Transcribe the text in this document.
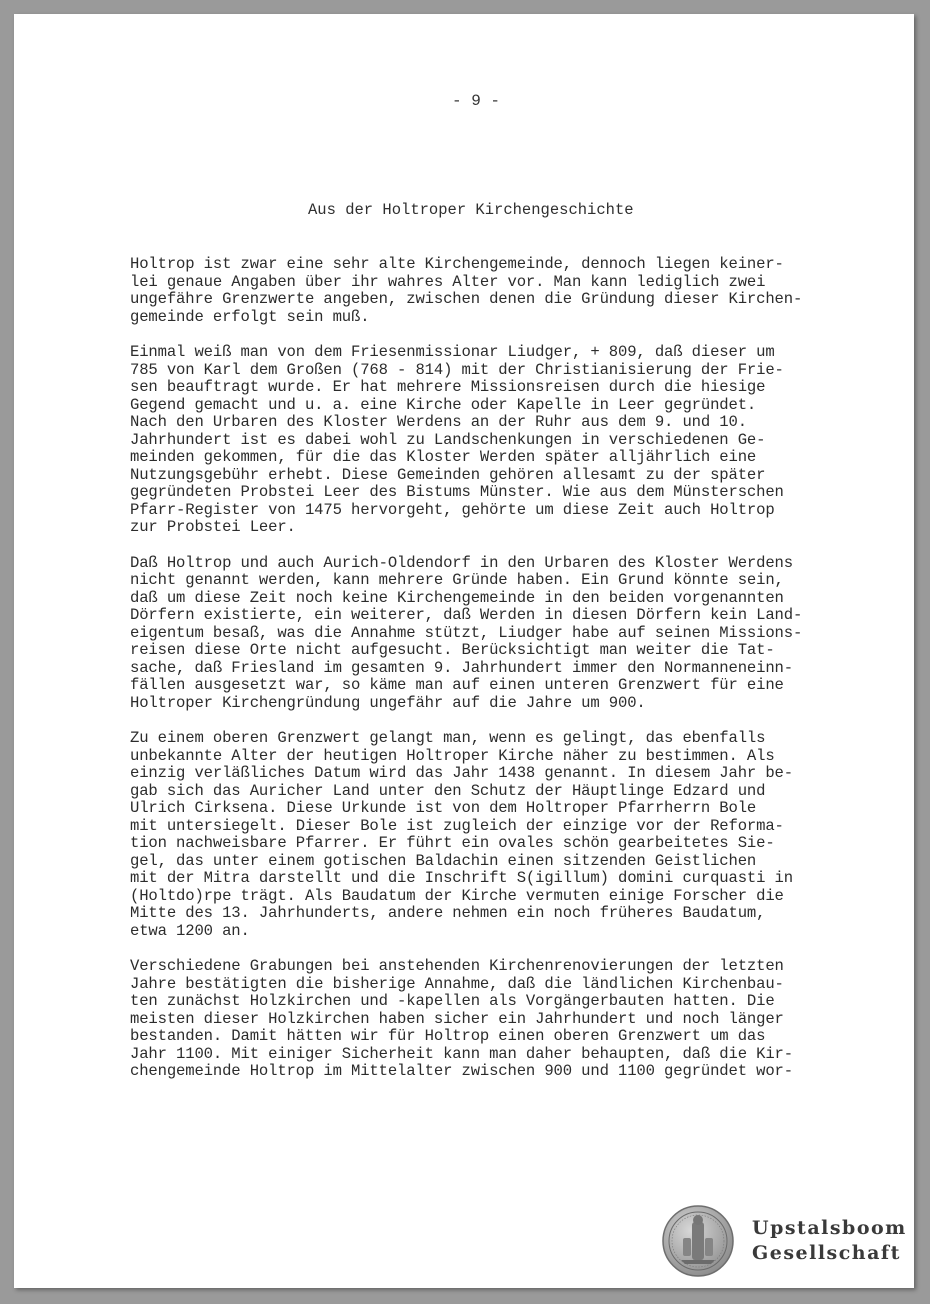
- 9 -
Aus der Holtroper Kirchengeschichte

Holtrop ist zwar eine sehr alte Kirchengemeinde, dennoch liegen keiner-
lei genaue Angaben über ihr wahres Alter vor. Man kann lediglich zwei
ungefähre Grenzwerte angeben, zwischen denen die Gründung dieser Kirchen-
gemeinde erfolgt sein muß.

Einmal weiß man von dem Friesenmissionar Liudger, + 809, daß dieser um
785 von Karl dem Großen (768 - 814) mit der Christianisierung der Frie-
sen beauftragt wurde. Er hat mehrere Missionsreisen durch die hiesige
Gegend gemacht und u. a. eine Kirche oder Kapelle in Leer gegründet.
Nach den Urbaren des Kloster Werdens an der Ruhr aus dem 9. und 10.
Jahrhundert ist es dabei wohl zu Landschenkungen in verschiedenen Ge-
meinden gekommen, für die das Kloster Werden später alljährlich eine
Nutzungsgebühr erhebt. Diese Gemeinden gehören allesamt zu der später
gegründeten Probstei Leer des Bistums Münster. Wie aus dem Münsterschen
Pfarr-Register von 1475 hervorgeht, gehörte um diese Zeit auch Holtrop
zur Probstei Leer.

Daß Holtrop und auch Aurich-Oldendorf in den Urbaren des Kloster Werdens
nicht genannt werden, kann mehrere Gründe haben. Ein Grund könnte sein,
daß um diese Zeit noch keine Kirchengemeinde in den beiden vorgenannten
Dörfern existierte, ein weiterer, daß Werden in diesen Dörfern kein Land-
eigentum besaß, was die Annahme stützt, Liudger habe auf seinen Missions-
reisen diese Orte nicht aufgesucht. Berücksichtigt man weiter die Tat-
sache, daß Friesland im gesamten 9. Jahrhundert immer den Normanneneinn-
fällen ausgesetzt war, so käme man auf einen unteren Grenzwert für eine
Holtroper Kirchengründung ungefähr auf die Jahre um 900.

Zu einem oberen Grenzwert gelangt man, wenn es gelingt, das ebenfalls
unbekannte Alter der heutigen Holtroper Kirche näher zu bestimmen. Als
einzig verläßliches Datum wird das Jahr 1438 genannt. In diesem Jahr be-
gab sich das Auricher Land unter den Schutz der Häuptlinge Edzard und
Ulrich Cirksena. Diese Urkunde ist von dem Holtroper Pfarrherrn Bole
mit untersiegelt. Dieser Bole ist zugleich der einzige vor der Reforma-
tion nachweisbare Pfarrer. Er führt ein ovales schön gearbeitetes Sie-
gel, das unter einem gotischen Baldachin einen sitzenden Geistlichen
mit der Mitra darstellt und die Inschrift S(igillum) domini curquasti in
(Holtdo)rpe trägt. Als Baudatum der Kirche vermuten einige Forscher die
Mitte des 13. Jahrhunderts, andere nehmen ein noch früheres Baudatum,
etwa 1200 an.

Verschiedene Grabungen bei anstehenden Kirchenrenovierungen der letzten
Jahre bestätigten die bisherige Annahme, daß die ländlichen Kirchenbau-
ten zunächst Holzkirchen und -kapellen als Vorgängerbauten hatten. Die
meisten dieser Holzkirchen haben sicher ein Jahrhundert und noch länger
bestanden. Damit hätten wir für Holtrop einen oberen Grenzwert um das
Jahr 1100. Mit einiger Sicherheit kann man daher behaupten, daß die Kir-
chengemeinde Holtrop im Mittelalter zwischen 900 und 1100 gegründet wor-

Upstalsboom
Gesellschaft
